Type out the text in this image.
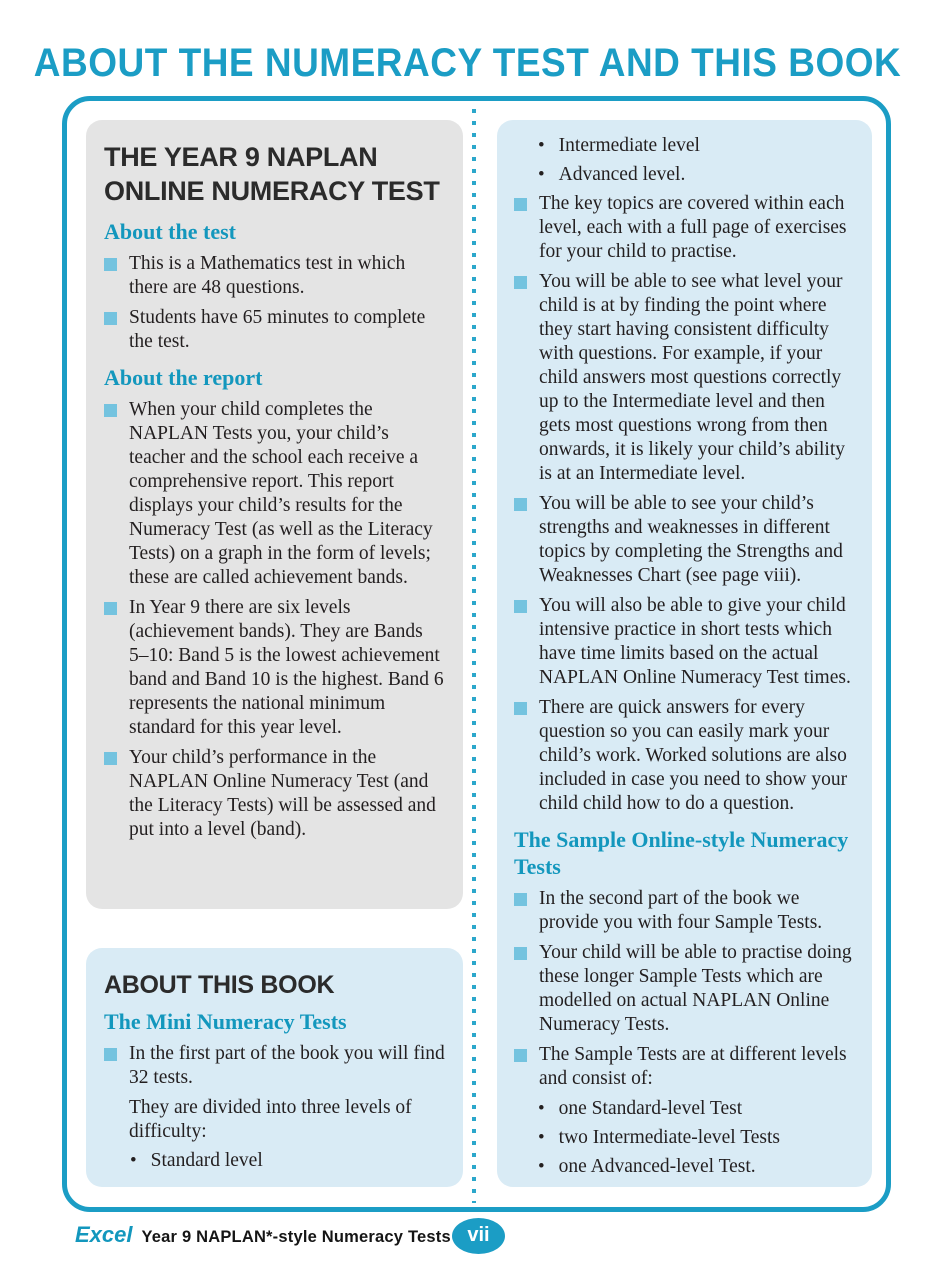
ABOUT THE NUMERACY TEST AND THIS BOOK
THE YEAR 9 NAPLAN ONLINE NUMERACY TEST
About the test

This is a Mathematics test in which there are 48 questions.

Students have 65 minutes to complete the test.

About the report

When your child completes the NAPLAN Tests you, your child’s teacher and the school each receive a comprehensive report. This report displays your child’s results for the Numeracy Test (as well as the Literacy Tests) on a graph in the form of levels; these are called achievement bands.

In Year 9 there are six levels (achievement bands). They are Bands 5–10: Band 5 is the lowest achievement band and Band 10 is the highest. Band 6 represents the national minimum standard for this year level.

Your child’s performance in the NAPLAN Online Numeracy Test (and the Literacy Tests) will be assessed and put into a level (band).

ABOUT THIS BOOK
The Mini Numeracy Tests

In the first part of the book you will find 32 tests.

They are divided into three levels of difficulty:

• Standard level

• Intermediate level

• Advanced level.

The key topics are covered within each level, each with a full page of exercises for your child to practise.

You will be able to see what level your child is at by finding the point where they start having consistent difficulty with questions. For example, if your child answers most questions correctly up to the Intermediate level and then gets most questions wrong from then onwards, it is likely your child’s ability is at an Intermediate level.

You will be able to see your child’s strengths and weaknesses in different topics by completing the Strengths and Weaknesses Chart (see page viii).

You will also be able to give your child intensive practice in short tests which have time limits based on the actual NAPLAN Online Numeracy Test times.

There are quick answers for every question so you can easily mark your child’s work. Worked solutions are also included in case you need to show your child child how to do a question.

The Sample Online-style Numeracy Tests

In the second part of the book we provide you with four Sample Tests.

Your child will be able to practise doing these longer Sample Tests which are modelled on actual NAPLAN Online Numeracy Tests.

The Sample Tests are at different levels and consist of:

• one Standard-level Test

• two Intermediate-level Tests

• one Advanced-level Test.

Excel Year 9 NAPLAN*-style Numeracy Tests vii
